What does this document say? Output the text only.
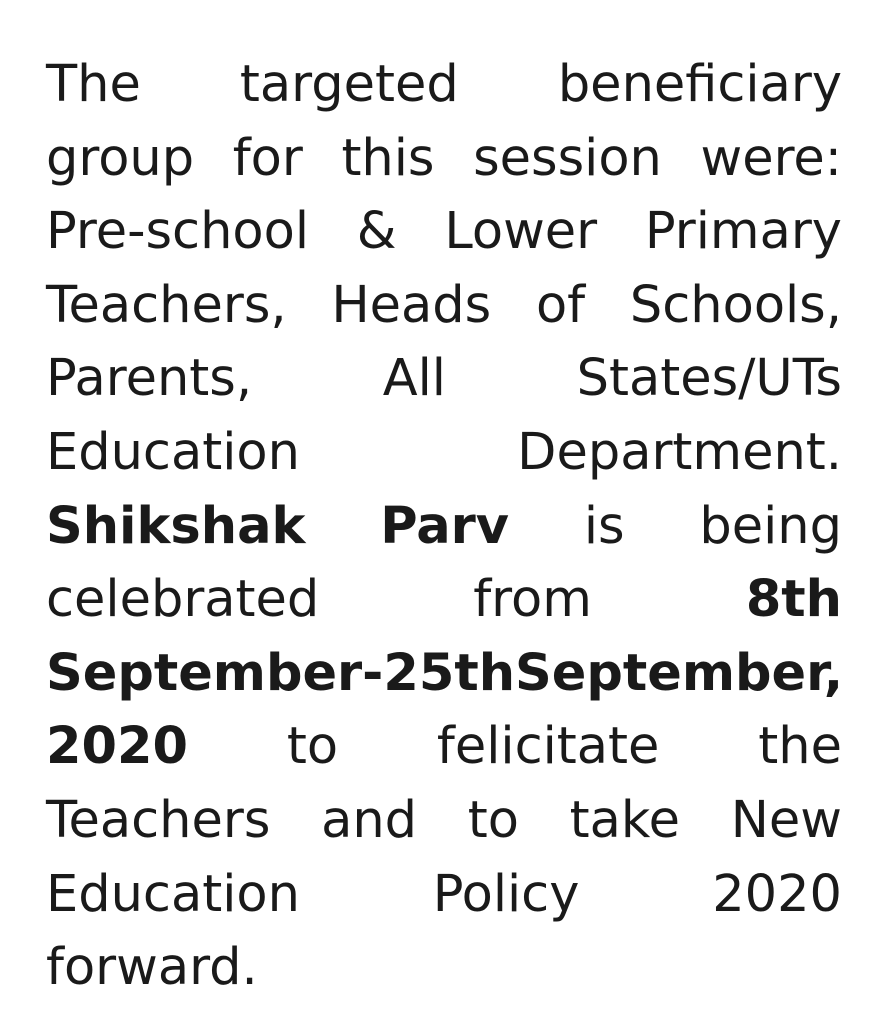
The targeted beneficiary
group for this session were:
Pre-school & Lower Primary
Teachers, Heads of Schools,
Parents,	All	States/UTs
Education	Department.
Shikshak Parv is being
celebrated	from	8th
September- 25th September,
2020 to felicitate the
Teachers and to take New
Education	Policy	2020
forward.
